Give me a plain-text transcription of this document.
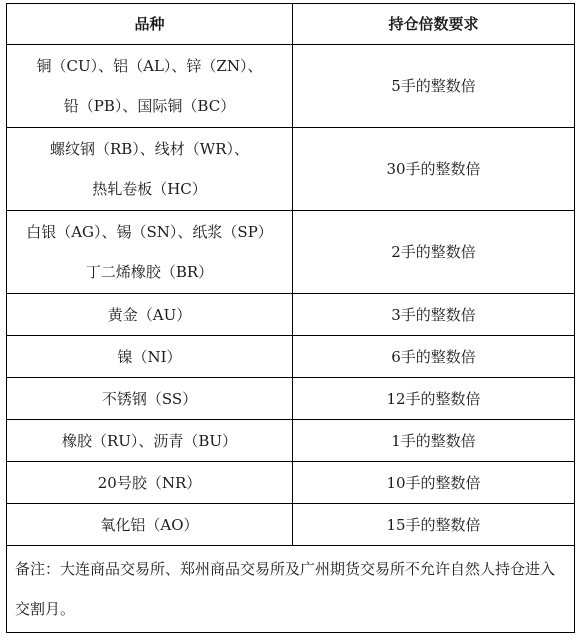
品种	持仓倍数要求

铜（CU）、铝（AL）、锌（ZN）、
铅（PB）、国际铜（BC）	5手的整数倍

螺纹钢（RB）、线材（WR）、
热轧卷板（HC）	30手的整数倍

白银（AG）、锡（SN）、纸浆（SP）
丁二烯橡胶（BR）	2手的整数倍
黄金（AU）	3手的整数倍
镍（NI）	6手的整数倍
不锈钢（SS）	12手的整数倍
橡胶（RU）、沥青（BU）	1手的整数倍
20号胶（NR）	10手的整数倍
氧化铝（AO）	15手的整数倍
备注：大连商品交易所、郑州商品交易所及广州期货交易所不允许自然人持仓进入交割月。	
